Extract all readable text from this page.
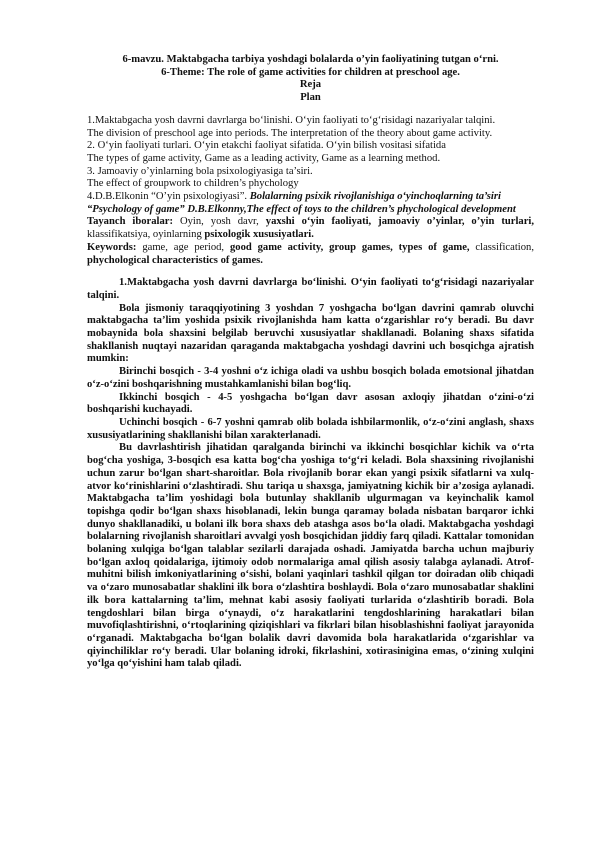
6-mavzu. Maktabgacha tarbiya yoshdagi bolalarda o’yin faoliyatining tutgan o‘rni.

6-Theme: The role of game activities for children at preschool age.

Reja

Plan

1.Maktabgacha yosh davrni davrlarga bo‘linishi. O‘yin faoliyati to‘g‘risidagi nazariyalar talqini.

The division of preschool age into periods. The interpretation of the theory about game activity.

2. O‘yin faoliyati turlari. O‘yin etakchi faoliyat sifatida. O‘yin bilish vositasi sifatida

The types of game activity, Game as a leading activity, Game as a learning method.

3. Jamoaviy o’yinlarning bola psixologiyasiga ta’siri.

The effect of groupwork to children’s phychology

4.D.B.Elkonin “O’yin psixologiyasi”. Bolalarning psixik rivojlanishiga o‘yinchoqlarning ta’siri

“Psychology of game” D.B.Elkonny,The effect of toys to the children’s phychological development

Tayanch iboralar: Oyin, yosh davr, yaxshi o‘yin faoliyati, jamoaviy o’yinlar, o’yin turlari, klassifikatsiya, oyinlarning psixologik xususiyatlari.

Keywords: game, age period, good game activity, group games, types of game, classification, phychological characteristics of games.

1.Maktabgacha yosh davrni davrlarga bo‘linishi. O‘yin faoliyati to‘g‘risidagi nazariyalar talqini.

Bola jismoniy taraqqiyotining 3 yoshdan 7 yoshgacha bo‘lgan davrini qamrab oluvchi maktabgacha ta’lim yoshida psixik rivojlanishda ham katta o‘zgarishlar ro‘y beradi. Bu davr mobaynida bola shaxsini belgilab beruvchi xususiyatlar shakllanadi. Bolaning shaxs sifatida shakllanish nuqtayi nazaridan qaraganda maktabgacha yoshdagi davrini uch bosqichga ajratish mumkin:

Birinchi bosqich - 3-4 yoshni o‘z ichiga oladi va ushbu bosqich bolada emotsional jihatdan o‘z-o‘zini boshqarishning mustahkamlanishi bilan bog‘liq.

Ikkinchi bosqich - 4-5 yoshgacha bo‘lgan davr asosan axloqiy jihatdan o‘zini-o‘zi boshqarishi kuchayadi.

Uchinchi bosqich - 6-7 yoshni qamrab olib bolada ishbilarmonlik, o‘z-o‘zini anglash, shaxs xususiyatlarining shakllanishi bilan xarakterlanadi.

Bu davrlashtirish jihatidan qaralganda birinchi va ikkinchi bosqichlar kichik va o‘rta bog‘cha yoshiga, 3-bosqich esa katta bog‘cha yoshiga to‘g‘ri keladi. Bola shaxsining rivojlanishi uchun zarur bo‘lgan shart-sharoitlar. Bola rivojlanib borar ekan yangi psixik sifatlarni va xulq-atvor ko‘rinishlarini o‘zlashtiradi. Shu tariqa u shaxsga, jamiyatning kichik bir a’zosiga aylanadi. Maktabgacha ta’lim yoshidagi bola butunlay shakllanib ulgurmagan va keyinchalik kamol topishga qodir bo‘lgan shaxs hisoblanadi, lekin bunga qaramay bolada nisbatan barqaror ichki dunyo shakllanadiki, u bolani ilk bora shaxs deb atashga asos bo‘la oladi. Maktabgacha yoshdagi bolalarning rivojlanish sharoitlari avvalgi yosh bosqichidan jiddiy farq qiladi. Kattalar tomonidan bolaning xulqiga bo‘lgan talablar sezilarli darajada oshadi. Jamiyatda barcha uchun majburiy bo‘lgan axloq qoidalariga, ijtimoiy odob normalariga amal qilish asosiy talabga aylanadi. Atrof-muhitni bilish imkoniyatlarining o‘sishi, bolani yaqinlari tashkil qilgan tor doiradan olib chiqadi va o‘zaro munosabatlar shaklini ilk bora o‘zlashtira boshlaydi. Bola o‘zaro munosabatlar shaklini ilk bora kattalarning ta’lim, mehnat kabi asosiy faoliyati turlarida o‘zlashtirib boradi. Bola tengdoshlari bilan birga o‘ynaydi, o‘z harakatlarini tengdoshlarining harakatlari bilan muvofiqlashtirishni, o‘rtoqlarining qiziqishlari va fikrlari bilan hisoblashishni faoliyat jarayonida o‘rganadi. Maktabgacha bo‘lgan bolalik davri davomida bola harakatlarida o‘zgarishlar va qiyinchiliklar ro‘y beradi. Ular bolaning idroki, fikrlashini, xotirasinigina emas, o‘zining xulqini yo‘lga qo‘yishini ham talab qiladi.
